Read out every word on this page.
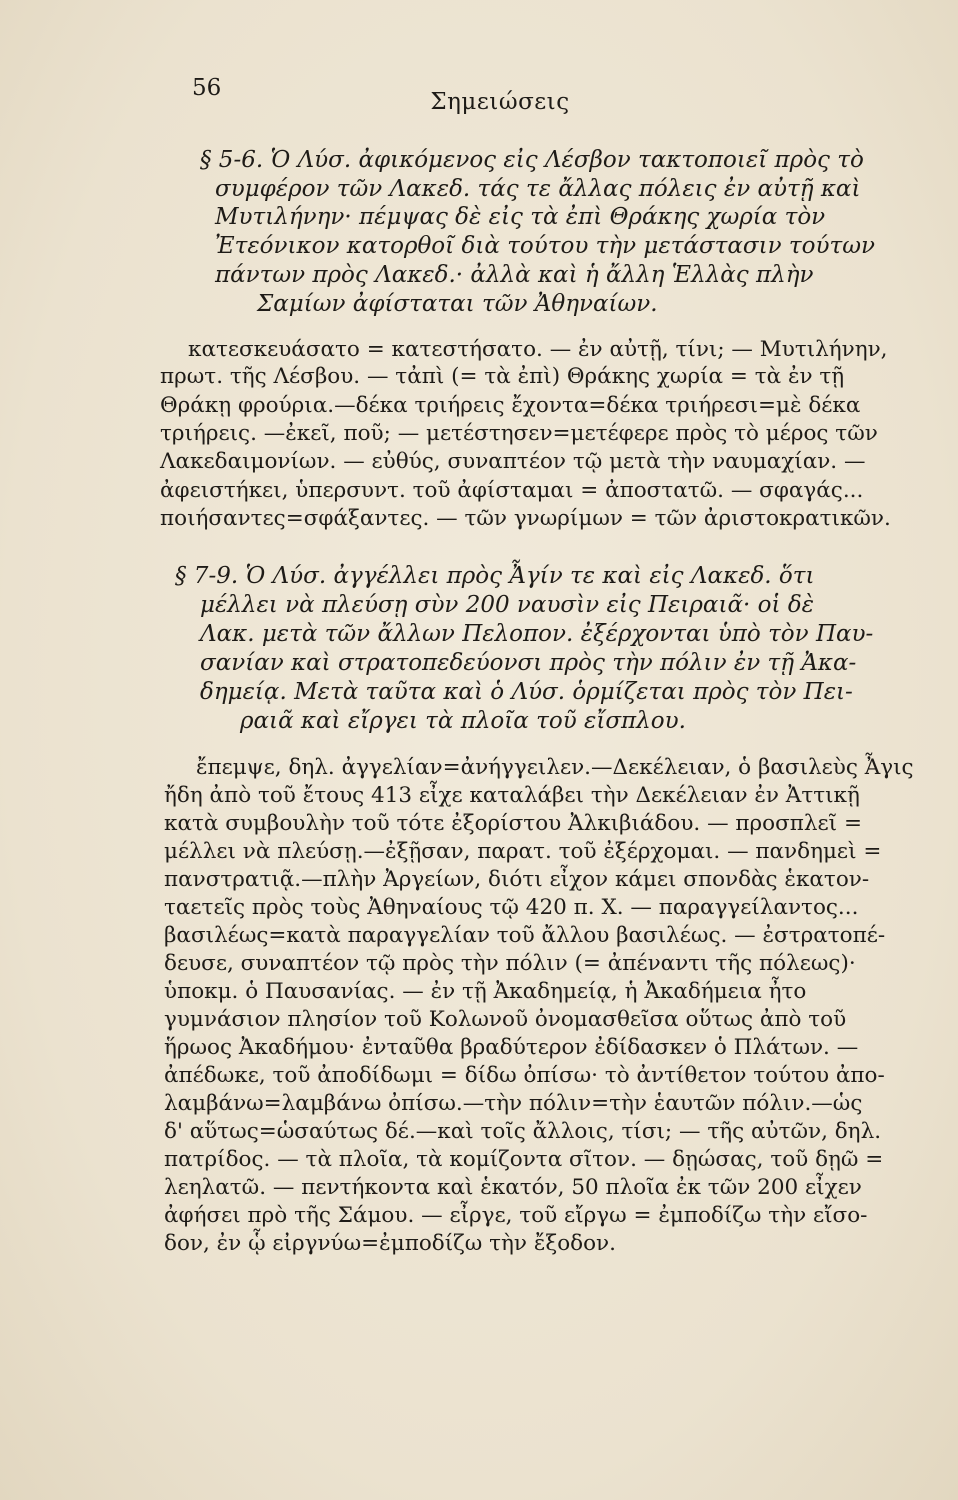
56
Σημειώσεις
§ 5-6. Ὁ Λύσ. ἀφικόμενος εἰς Λέσβον τακτοποιεῖ πρὸς τὸ
συμφέρον τῶν Λακεδ. τάς τε ἄλλας πόλεις ἐν αὐτῇ καὶ
Μυτιλήνην· πέμψας δὲ εἰς τὰ ἐπὶ Θράκης χωρία τὸν
Ἐτεόνικον κατορθοῖ διὰ τούτου τὴν μετάστασιν τούτων
πάντων πρὸς Λακεδ.· ἀλλὰ καὶ ἡ ἄλλη Ἑλλὰς πλὴν
Σαμίων ἀφίσταται τῶν Ἀθηναίων.
κατεσκευάσατο = κατεστήσατο. — ἐν αὐτῇ, τίνι; — Μυτιλήνην,
πρωτ. τῆς Λέσβου. — τἀπὶ (= τὰ ἐπὶ) Θράκης χωρία = τὰ ἐν τῇ
Θράκῃ φρούρια.—δέκα τριήρεις ἔχοντα=δέκα τριήρεσι=μὲ δέκα
τριήρεις. —ἐκεῖ, ποῦ; — μετέστησεν=μετέφερε πρὸς τὸ μέρος τῶν
Λακεδαιμονίων. — εὐθύς, συναπτέον τῷ μετὰ τὴν ναυμαχίαν. —
ἀφειστήκει, ὑπερσυντ. τοῦ ἀφίσταμαι = ἀποστατῶ. — σφαγάς...
ποιήσαντες=σφάξαντες. — τῶν γνωρίμων = τῶν ἀριστοκρατικῶν.
§ 7-9. Ὁ Λύσ. ἀγγέλλει πρὸς Ἆγίν τε καὶ εἰς Λακεδ. ὅτι
μέλλει νὰ πλεύσῃ σὺν 200 ναυσὶν εἰς Πειραιᾶ· οἱ δὲ
Λακ. μετὰ τῶν ἄλλων Πελοπον. ἐξέρχονται ὑπὸ τὸν Παυ-
σανίαν καὶ στρατοπεδεύονσι πρὸς τὴν πόλιν ἐν τῇ Ἀκα-
δημείᾳ. Μετὰ ταῦτα καὶ ὁ Λύσ. ὁρμίζεται πρὸς τὸν Πει-
ραιᾶ καὶ εἴργει τὰ πλοῖα τοῦ εἴσπλου.
ἔπεμψε, δηλ. ἀγγελίαν=ἀνήγγειλεν.—Δεκέλειαν, ὁ βασιλεὺς Ἆγις
ἤδη ἀπὸ τοῦ ἔτους 413 εἶχε καταλάβει τὴν Δεκέλειαν ἐν Ἀττικῇ
κατὰ συμβουλὴν τοῦ τότε ἐξορίστου Ἀλκιβιάδου. — προσπλεῖ =
μέλλει νὰ πλεύσῃ.—ἐξῇσαν, παρατ. τοῦ ἐξέρχομαι. — πανδημεὶ =
πανστρατιᾷ.—πλὴν Ἀργείων, διότι εἶχον κάμει σπονδὰς ἑκατον-
ταετεῖς πρὸς τοὺς Ἀθηναίους τῷ 420 π. Χ. — παραγγείλαντος...
βασιλέως=κατὰ παραγγελίαν τοῦ ἄλλου βασιλέως. — ἐστρατοπέ-
δευσε, συναπτέον τῷ πρὸς τὴν πόλιν (= ἀπέναντι τῆς πόλεως)·
ὑποκμ. ὁ Παυσανίας. — ἐν τῇ Ἀκαδημείᾳ, ἡ Ἀκαδήμεια ἦτο
γυμνάσιον πλησίον τοῦ Κολωνοῦ ὀνομασθεῖσα οὕτως ἀπὸ τοῦ
ἥρωος Ἀκαδήμου· ἐνταῦθα βραδύτερον ἐδίδασκεν ὁ Πλάτων. —
ἀπέδωκε, τοῦ ἀποδίδωμι = δίδω ὀπίσω· τὸ ἀντίθετον τούτου ἀπο-
λαμβάνω=λαμβάνω ὀπίσω.—τὴν πόλιν=τὴν ἑαυτῶν πόλιν.—ὡς
δ' αὕτως=ὡσαύτως δέ.—καὶ τοῖς ἄλλοις, τίσι; — τῆς αὐτῶν, δηλ.
πατρίδος. — τὰ πλοῖα, τὰ κομίζοντα σῖτον. — δῃώσας, τοῦ δῃῶ =
λεηλατῶ. — πεντήκοντα καὶ ἑκατόν, 50 πλοῖα ἐκ τῶν 200 εἶχεν
ἀφήσει πρὸ τῆς Σάμου. — εἶργε, τοῦ εἴργω = ἐμποδίζω τὴν εἴσο-
δον, ἐν ᾧ εἰργνύω=ἐμποδίζω τὴν ἔξοδον.
